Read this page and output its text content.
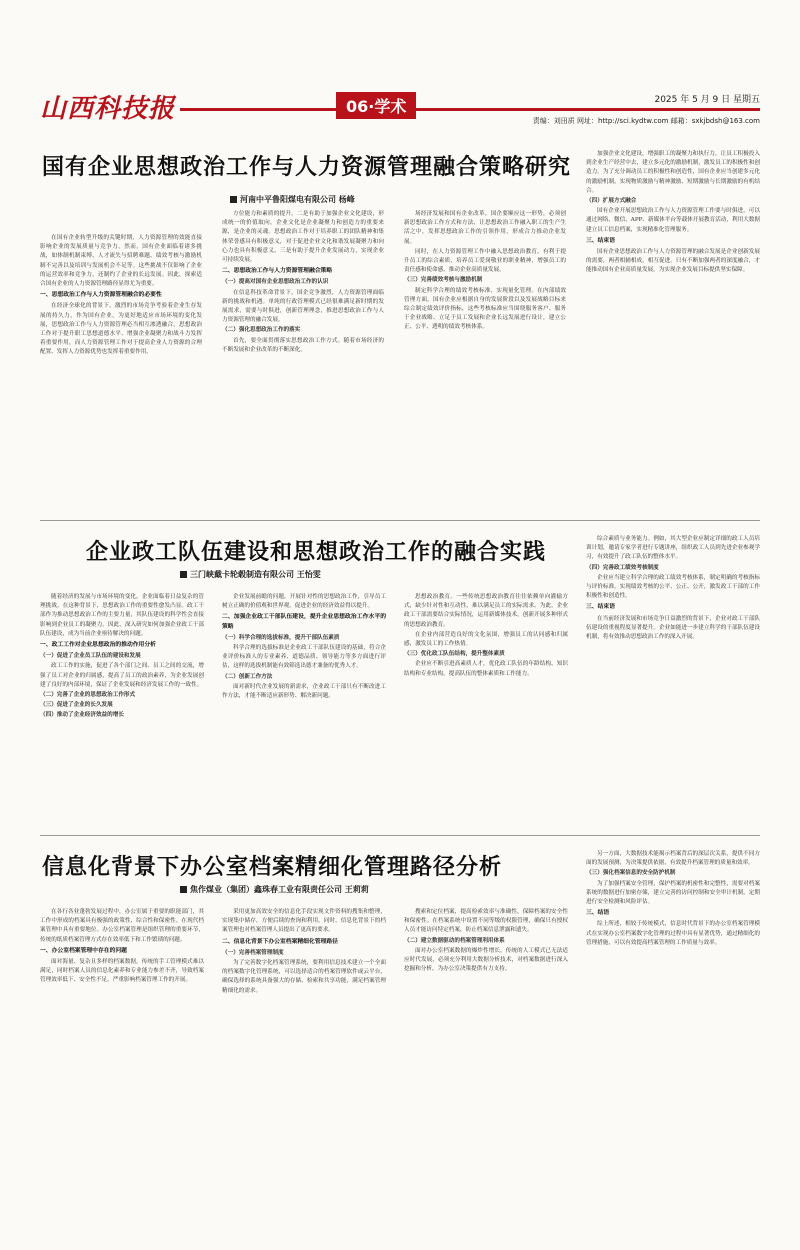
山西科技报	06·学术	2025 年 5 月 9 日 星期五
责编：刘田质 网址：http://sci.kydtw.com 邮箱：sxkjbdsh@163.com
国有企业思想政治工作与人力资源管理融合策略研究
河南中平鲁阳煤电有限公司 杨峰

在国有企业转型升级的关键时期，人力资源管理的效能直接影响企业的发展质量与竞争力。然而，国有企业面临着诸多挑战，如体制机制束缚、人才流失与招聘难题、绩效考核与激励机制不完善以及培训与发展机会不足等。这些挑战不仅影响了企业的运营效率和竞争力，还制约了企业的长远发展。因此，探索适合国有企业的人力资源管理路径显得尤为重要。

一、思想政治工作与人力资源管理融合的必要性

在经济全球化的背景下，激烈的市场竞争考验着企业生存发展的持久力，作为国有企业，为更好地适应市场环境的变化发展，思想政治工作与人力资源管理必当相互渗透融合。思想政治工作对于提升职工思想道德水平、增强企业凝聚力和战斗力发挥着重要作用，而人力资源管理工作对于提高企业人力资源的合理配置、发挥人力资源优势也发挥着重要作用。

方位能力和素质的提升。二是有助于加强企业文化建设，形成统一的价值取向。企业文化是企业凝聚力和创造力的重要来源，是企业的灵魂。思想政治工作对于培养职工的团队精神和集体荣誉感具有积极意义，对于促进企业文化和谐发展凝聚力和向心力也具有积极意义。三是有助于提升企业发展动力，实现企业可持续发展。

二、思想政治工作与人力资源管理融合策略

（一）提高对国有企业思想政治工作的认识

在信息科技革命背景下，国企竞争激烈，人力资源管理面临新的挑战和机遇。单纯的行政管理模式已经很难满足新时期的发展需求，需要与时俱进，创新管理理念，推进思想政治工作与人力资源管理的融合发展。

（二）强化思想政治工作的落实

首先，要全面贯彻落实思想政治工作方式。随着市场经济的不断发展和企业改革的不断深化。

场经济发展和国有企业改革。国企要顺应这一形势，必须创新思想政治工作方式和方法，让思想政治工作融入职工的生产生活之中，发挥思想政治工作的引领作用，形成合力推动企业发展。

同时，在人力资源管理工作中融入思想政治教育，有利于提升员工的综合素质，培养员工爱岗敬业的职业精神，增强员工的责任感和使命感，推动企业高质量发展。

（三）完善绩效考核与激励机制

制定科学合理的绩效考核标准，实现量化管理。在内部绩效管理方面，国有企业应根据自身的发展阶段以及发展战略目标来综合制定绩效评价指标，这些考核标准应当围绕服务客户、服务于企业战略、立足于员工发展和企业长远发展进行设计，建立公正、公平、透明的绩效考核体系。

加强企业文化建设，增强职工的凝聚力和执行力，让员工积极投入到企业生产经营中去，建立多元化的激励机制，激发员工的积极性和创造力。为了充分调动员工的积极性和创造性，国有企业应当创建多元化的激励机制，实现物质激励与精神激励、短期激励与长期激励的有机结合。

（四）扩展方式融合

国有企业开展思想政治工作与人力资源管理工作要与时俱进，可以通过网络、微信、APP、新媒体平台等载体开展教育活动，利用大数据建立员工信息档案，实现精准化管理服务。

三、结束语

国有企业思想政治工作与人力资源管理的融合发展是企业创新发展的需要，两者相辅相成，相互促进。只有不断加强两者的深度融合，才能推动国有企业高质量发展，为实现企业发展目标提供坚实保障。

企业政工队伍建设和思想政治工作的融合实践
三门峡戴卡轮毂制造有限公司 王怡雯

随着经济的发展与市场环境的变化，企业面临着日益复杂的管理挑战。在这种背景下，思想政治工作的重要性愈发凸显。政工干部作为推动思想政治工作的主要力量，其队伍建设的科学性会直接影响到企业员工的凝聚力。因此，深入研究如何加强企业政工干部队伍建设，成为当前企业亟待解决的问题。

一、政工工作对企业思想政治的推动作用分析

（一）促进了企业员工队伍的建设和发展

政工工作的实施，促进了各个部门之间、员工之间的交流，增强了员工对企业的归属感，提高了员工的政治素养，为企业发展创建了良好的内部环境，保证了企业发展和经济发展工作的一致性。

（二）完善了企业的思想政治工作形式

（三）促进了企业的长久发展

（四）推动了企业经济效益的增长

企业发展前瞻的问题，开展针对性的思想政治工作，引导员工树立正确的价值观和世界观，促进企业的经济效益得以提升。

二、加强企业政工干部队伍建设，提升企业思想政治工作水平的策略

（一）科学合理的选拔标准，提升干部队伍素质

科学合理的选拔标准是企业政工干部队伍建设的基础，符合企业评价标准人的专业素养、道德品质、领导能力等多方面进行评估，这样的选拔机制能有效筛选出德才兼备的优秀人才。

（二）创新工作方法

面对新时代企业发展的新需求，企业政工干部只有不断改进工作方法，才能不断适应新形势、解决新问题。

思想政治教育。一些传统思想政治教育往往依赖单向灌输方式，缺少针对性和互动性，难以满足员工的实际需求。为此，企业政工干部需要结合实际情况，运用新媒体技术，创新开展多种形式的思想政治教育。

在企业内部营造良好的文化氛围，增强员工的认同感和归属感，激发员工的工作热情。

（三）优化政工队伍结构，提升整体素质

企业应不断引进高素质人才，优化政工队伍的年龄结构、知识结构和专业结构，提高队伍的整体素质和工作能力。

综合素质与业务能力。例如，其大型企业应制定详细的政工人员培训计划，邀请专家学者进行专题讲座，组织政工人员到先进企业参观学习，有效提升了政工队伍的整体水平。

（四）完善政工绩效考核制度

企业应当建立科学合理的政工绩效考核体系，制定明确的考核指标与评价标准，实现绩效考核的公平、公正、公开，激发政工干部的工作积极性和创造性。

三、结束语

在当前经济发展和市场竞争日益激烈的背景下，企业对政工干部队伍建设的重视程度显著提升。企业如能进一步建立科学的干部队伍建设机制，将有效推动思想政治工作的深入开展。

信息化背景下办公室档案精细化管理路径分析
焦作煤业（集团）鑫珠春工业有限责任公司 王莉莉

在各行各业蓬勃发展过程中，办公室属于重要的职能部门，其工作中形成的档案具有极强的政策性、综合性和保密性。在现代档案管理中具有重要地位。办公室档案管理是组织管理的重要环节，传统的纸质档案管理方式存在效率低下和工作繁琐的问题。

一、办公室档案管理中存在的问题

面对海量、复杂且多样的档案数据，传统的手工管理模式难以满足，同时档案人员的信息化素养和专业能力参差不齐，导致档案管理效率低下、安全性不足，严重影响档案管理工作的开展。

采用更加高效安全的信息化手段实现文件资料的搜集和整理，实现集中储存，方便后续的查询和利用。同时，信息化背景下的档案管理也对档案管理人员提出了更高的要求。

二、信息化背景下办公室档案精细化管理路径

（一）完善档案管理制度

为了完善数字化档案管理系统，要利用信息技术建立一个全面的档案数字化管理系统，可以选择适合的档案管理软件或云平台，确保选择的系统具备强大的存储、检索和共享功能，满足档案管理精细化的需求。

搜索和定位档案，提高检索效率与准确性，保障档案的安全性和保密性。在档案系统中设置不同等级的权限管理，确保只有授权人员才能访问特定档案，防止档案信息泄露和遗失。

（二）建立数据驱动的档案管理利用体系

面对办公室档案数据的爆炸性增长，传统的人工模式已无法适应时代发展，必须充分利用大数据分析技术，对档案数据进行深入挖掘和分析，为办公室决策提供有力支持。

另一方面，大数据技术能揭示档案背后的深层次关系，提供不同方面的发展预测，为决策提供依据，有效提升档案管理的质量和效率。

（三）强化档案信息的安全防护机制

为了加强档案安全管理，保护档案的机密性和完整性，需要对档案系统的数据进行加密存储，建立完善的访问控制和安全审计机制，定期进行安全检测和风险评估。

三、结语

综上所述，相较于传统模式，信息时代背景下的办公室档案管理模式在实现办公室档案数字化管理的过程中具有显著优势，通过精细化的管理措施，可以有效提高档案管理的工作质量与效率。
